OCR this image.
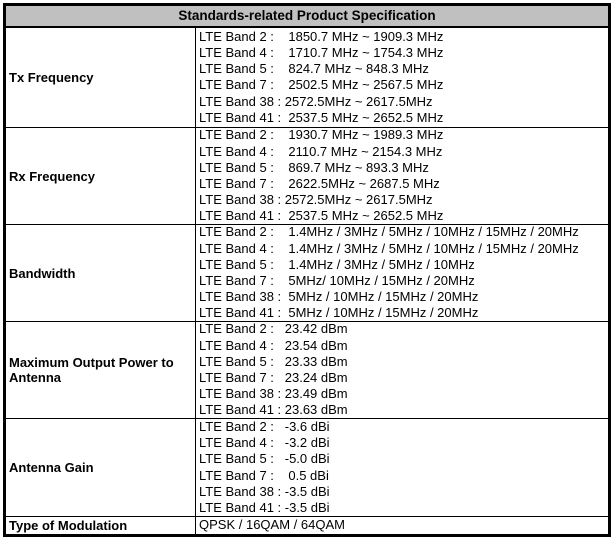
Standards-related Product Specification
Tx Frequency
LTE Band 2 :    1850.7 MHz ~ 1909.3 MHz
LTE Band 4 :    1710.7 MHz ~ 1754.3 MHz
LTE Band 5 :    824.7 MHz ~ 848.3 MHz
LTE Band 7 :    2502.5 MHz ~ 2567.5 MHz
LTE Band 38 : 2572.5MHz ~ 2617.5MHz
LTE Band 41 :  2537.5 MHz ~ 2652.5 MHz
Rx Frequency
LTE Band 2 :    1930.7 MHz ~ 1989.3 MHz
LTE Band 4 :    2110.7 MHz ~ 2154.3 MHz
LTE Band 5 :    869.7 MHz ~ 893.3 MHz
LTE Band 7 :    2622.5MHz ~ 2687.5 MHz
LTE Band 38 : 2572.5MHz ~ 2617.5MHz
LTE Band 41 :  2537.5 MHz ~ 2652.5 MHz
Bandwidth
LTE Band 2 :    1.4MHz / 3MHz / 5MHz / 10MHz / 15MHz / 20MHz
LTE Band 4 :    1.4MHz / 3MHz / 5MHz / 10MHz / 15MHz / 20MHz
LTE Band 5 :    1.4MHz / 3MHz / 5MHz / 10MHz
LTE Band 7 :    5MHz/ 10MHz / 15MHz / 20MHz
LTE Band 38 :  5MHz / 10MHz / 15MHz / 20MHz
LTE Band 41 :  5MHz / 10MHz / 15MHz / 20MHz
Maximum Output Power to Antenna
LTE Band 2 :   23.42 dBm
LTE Band 4 :   23.54 dBm
LTE Band 5 :   23.33 dBm
LTE Band 7 :   23.24 dBm
LTE Band 38 : 23.49 dBm
LTE Band 41 : 23.63 dBm
Antenna Gain
LTE Band 2 :   -3.6 dBi
LTE Band 4 :   -3.2 dBi
LTE Band 5 :   -5.0 dBi
LTE Band 7 :    0.5 dBi
LTE Band 38 : -3.5 dBi
LTE Band 41 : -3.5 dBi
Type of Modulation	QPSK / 16QAM / 64QAM
